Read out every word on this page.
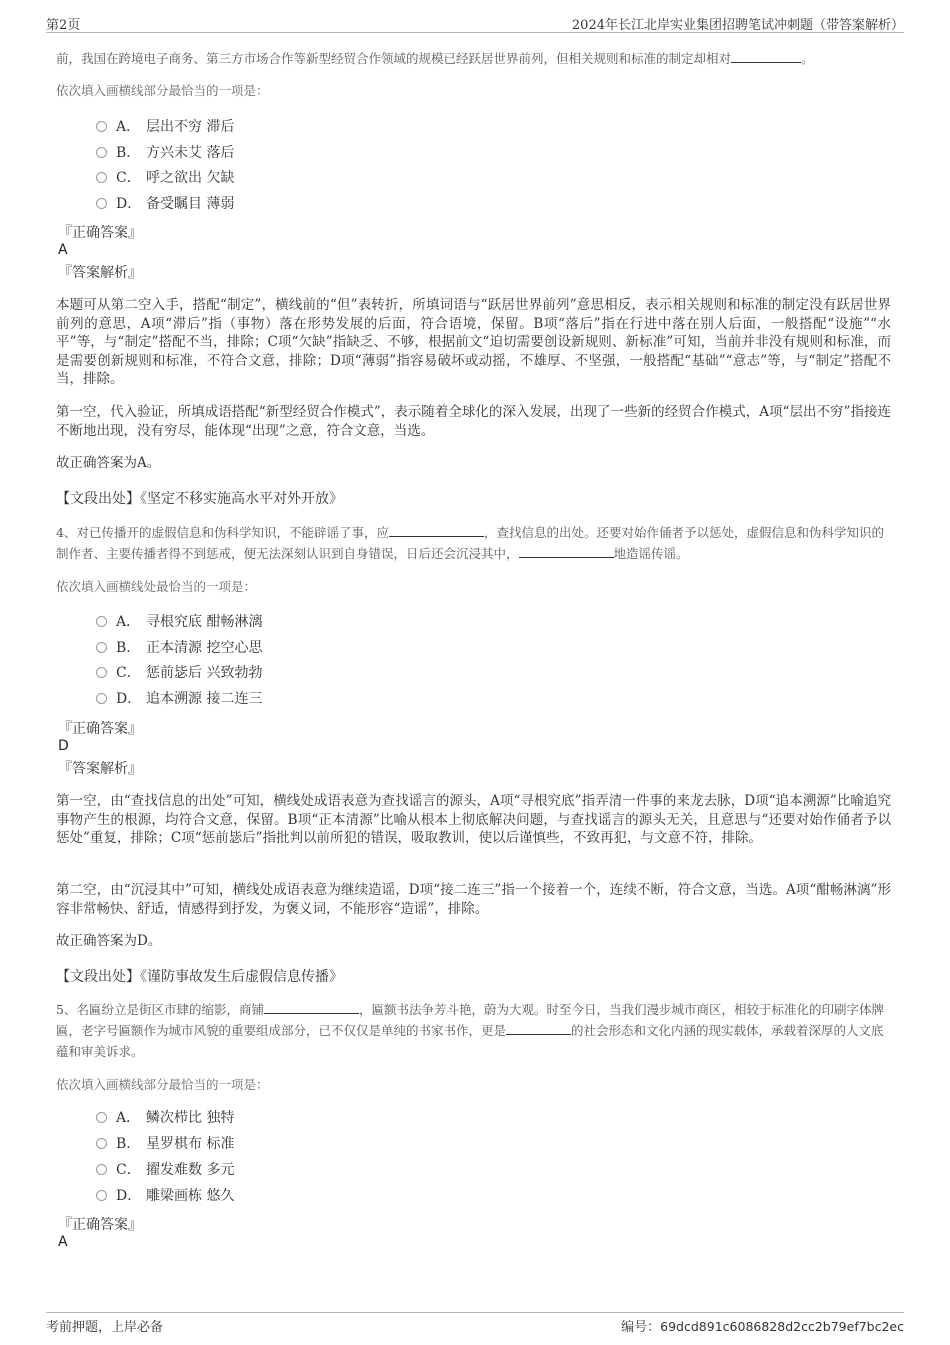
第2页	2024年长江北岸实业集团招聘笔试冲刺题（带答案解析）
前，我国在跨境电子商务、第三方市场合作等新型经贸合作领域的规模已经跃居世界前列，但相关规则和标准的制定却相对	。
依次填入画横线部分最恰当的一项是：
A． 层出不穷 滞后
B． 方兴未艾 落后
C． 呼之欲出 欠缺
D． 备受瞩目 薄弱
『正确答案』
A
『答案解析』
本题可从第二空入手，搭配“制定”，横线前的“但”表转折，所填词语与“跃居世界前列”意思相反，表示相关规则和标准的制定没有跃居世界前列的意思，A项“滞后”指（事物）落在形势发展的后面，符合语境，保留。B项“落后”指在行进中落在别人后面，一般搭配“设施”“水平”等，与“制定”搭配不当，排除；C项“欠缺”指缺乏、不够，根据前文“迫切需要创设新规则、新标准”可知，当前并非没有规则和标准，而是需要创新规则和标准，不符合文意，排除；D项“薄弱”指容易破坏或动摇，不雄厚、不坚强，一般搭配“基础”“意志”等，与“制定”搭配不当，排除。
第一空，代入验证，所填成语搭配“新型经贸合作模式”，表示随着全球化的深入发展，出现了一些新的经贸合作模式，A项“层出不穷”指接连不断地出现，没有穷尽，能体现“出现”之意，符合文意，当选。
故正确答案为A。
【文段出处】《坚定不移实施高水平对外开放》
4、对已传播开的虚假信息和伪科学知识，不能辟谣了事，应	，查找信息的出处。还要对始作俑者予以惩处，虚假信息和伪科学知识的制作者、主要传播者得不到惩戒，便无法深刻认识到自身错误，日后还会沉浸其中，	地造谣传谣。
依次填入画横线处最恰当的一项是：
A． 寻根究底 酣畅淋漓
B． 正本清源 挖空心思
C． 惩前毖后 兴致勃勃
D． 追本溯源 接二连三
『正确答案』
D
『答案解析』
第一空，由“查找信息的出处”可知，横线处成语表意为查找谣言的源头，A项“寻根究底”指弄清一件事的来龙去脉，D项“追本溯源”比喻追究事物产生的根源，均符合文意，保留。B项“正本清源”比喻从根本上彻底解决问题，与查找谣言的源头无关，且意思与“还要对始作俑者予以惩处”重复，排除；C项“惩前毖后”指批判以前所犯的错误，吸取教训，使以后谨慎些，不致再犯，与文意不符，排除。
第二空，由“沉浸其中”可知，横线处成语表意为继续造谣，D项“接二连三”指一个接着一个，连续不断，符合文意，当选。A项“酣畅淋漓”形容非常畅快、舒适，情感得到抒发，为褒义词，不能形容“造谣”，排除。
故正确答案为D。
【文段出处】《谨防事故发生后虚假信息传播》
5、名匾纷立是街区市肆的缩影，商铺	，匾额书法争芳斗艳，蔚为大观。时至今日，当我们漫步城市商区，相较于标准化的印刷字体牌匾，老字号匾额作为城市风貌的重要组成部分，已不仅仅是单纯的书家书作，更是	的社会形态和文化内涵的现实载体，承载着深厚的人文底蕴和审美诉求。
依次填入画横线部分最恰当的一项是：
A． 鳞次栉比 独特
B． 星罗棋布 标准
C． 擢发难数 多元
D． 雕梁画栋 悠久
『正确答案』
A
考前押题，上岸必备	编号：69dcd891c6086828d2cc2b79ef7bc2ec
